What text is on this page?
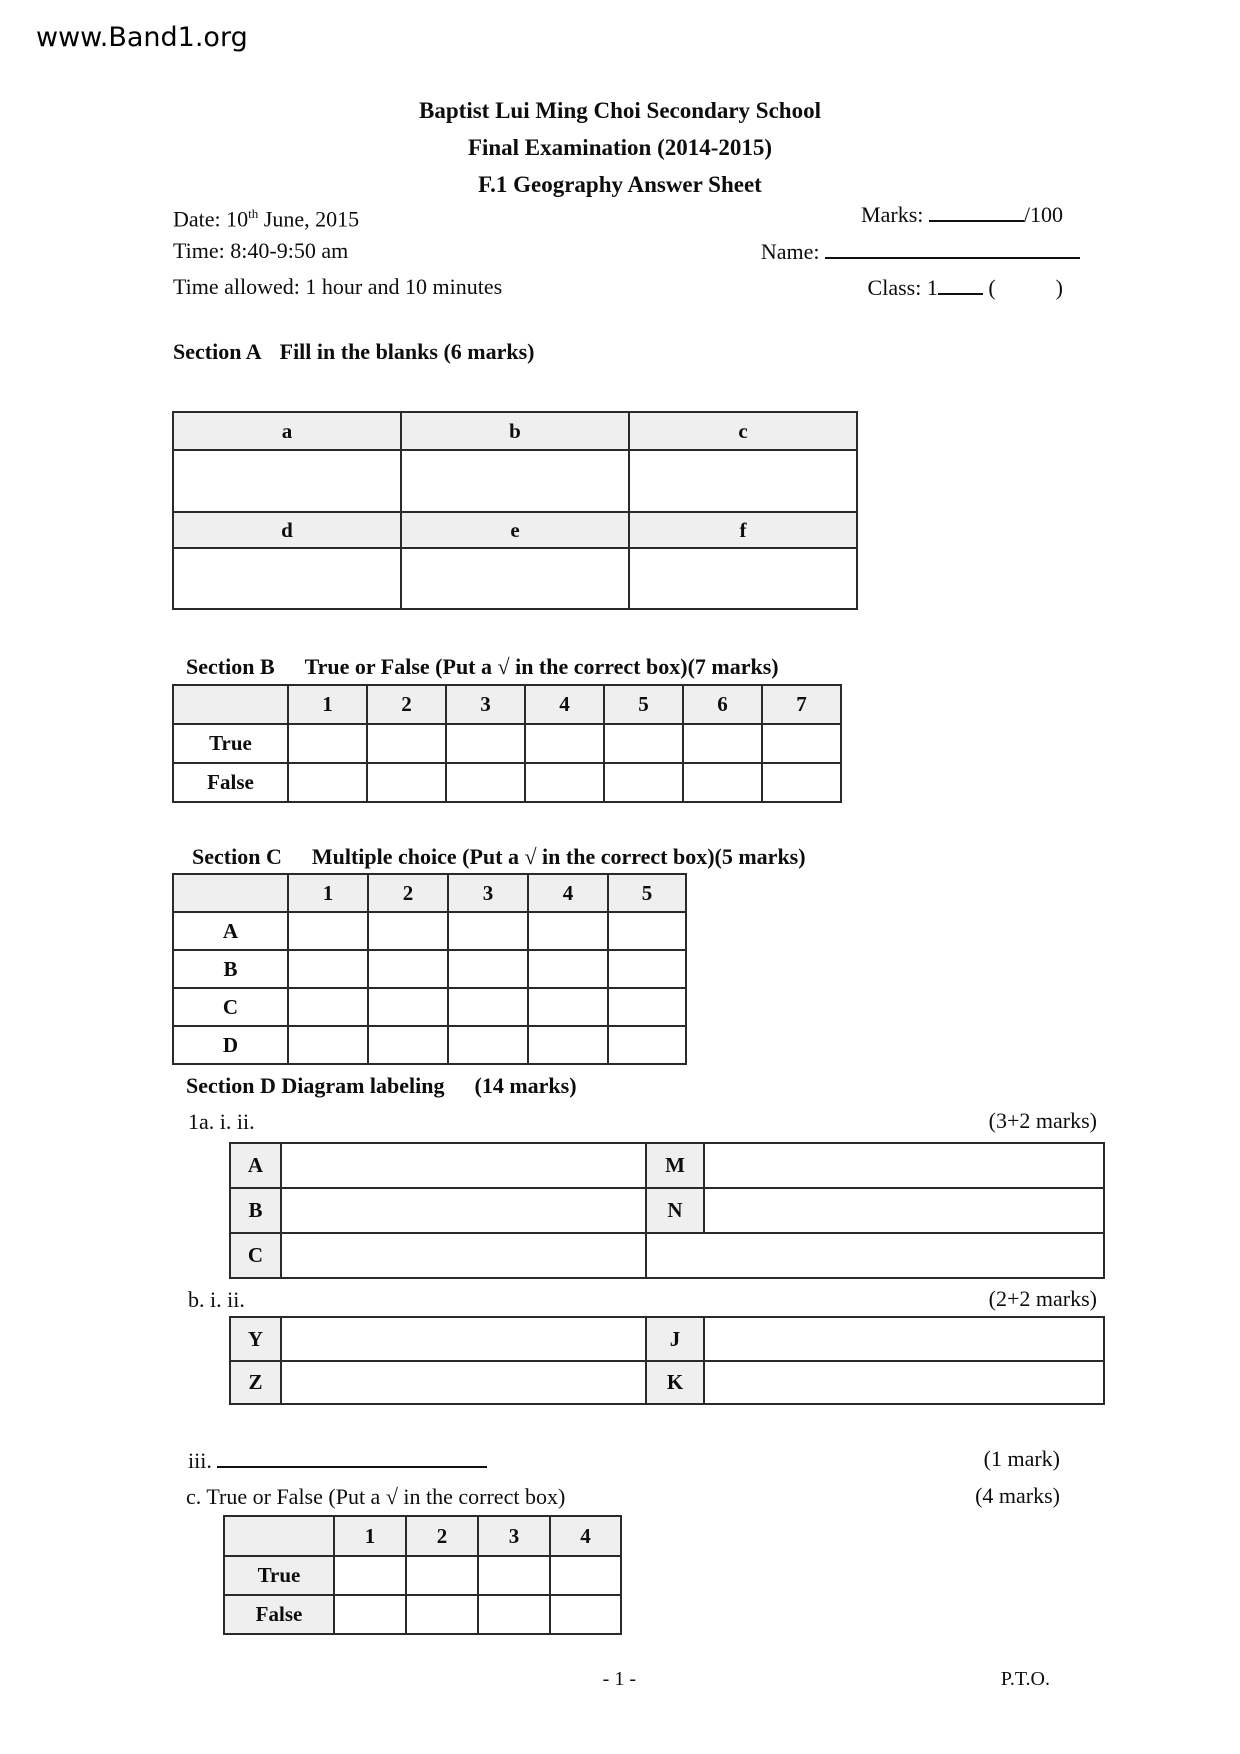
www.Band1.org
Baptist Lui Ming Choi Secondary School
Final Examination (2014-2015)
F.1 Geography Answer Sheet
Date: 10th June, 2015	Marks:	/100
Time: 8:40-9:50 am	Name:
Time allowed: 1 hour and 10 minutes	Class: 1 (	)
Section A Fill in the blanks (6 marks)
a	b	c

d	e	f

Section B True or False (Put a √ in the correct box)(7 marks)
	1	2	3	4	5	6	7
True							
False							
Section C Multiple choice (Put a √ in the correct box)(5 marks)
	1	2	3	4	5
A					
B					
C					
D					
Section D Diagram labeling (14 marks)
1a. i. ii.	(3+2 marks)
A		M	
B		N	
C			
b. i. ii.	(2+2 marks)
Y		J	
Z		K	
iii.	(1 mark)
c. True or False (Put a √ in the correct box)	(4 marks)
	1	2	3	4
True				
False				
- 1 -	P.T.O.
